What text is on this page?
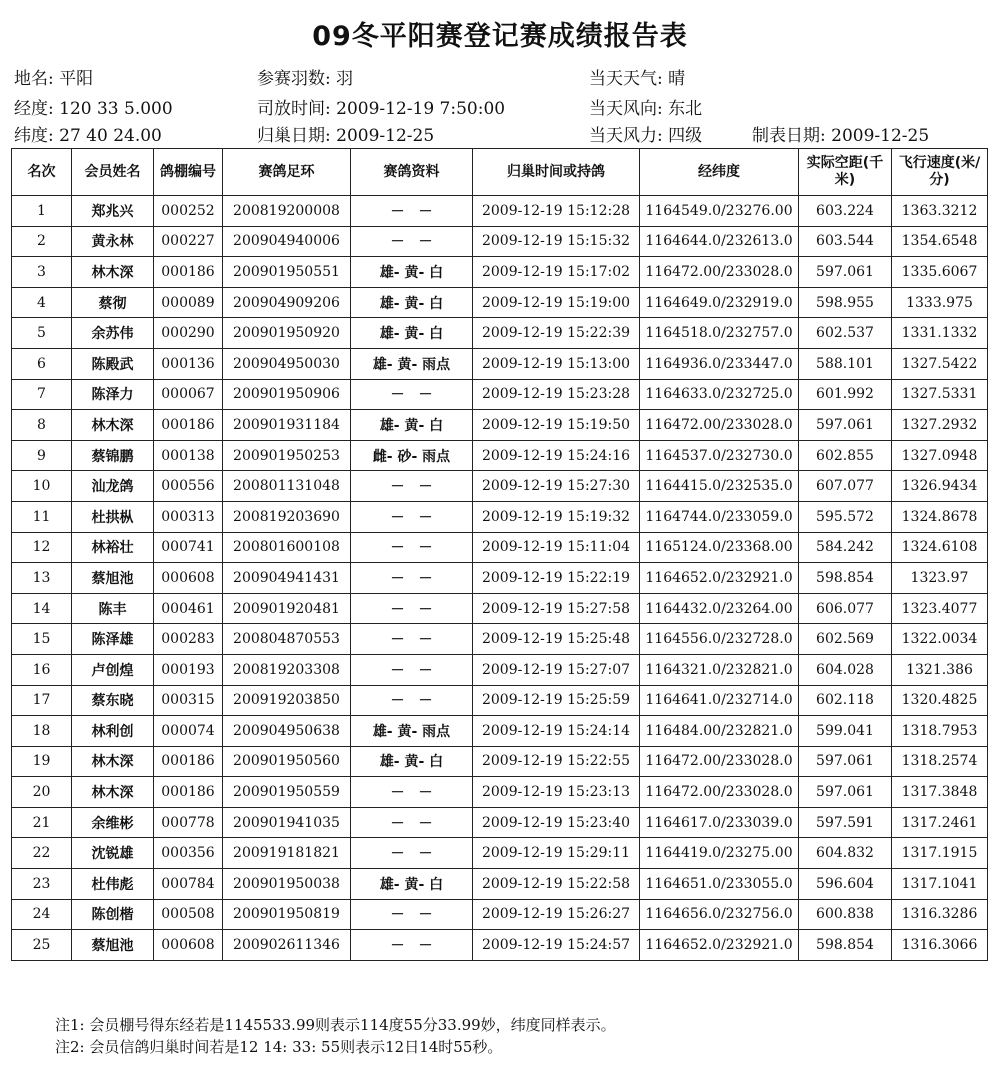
09冬平阳赛登记赛成绩报告表
地名: 平阳
经度: 120 33 5.000
纬度: 27 40 24.00
参赛羽数: 羽
司放时间: 2009-12-19 7:50:00
归巢日期: 2009-12-25
当天天气: 晴
当天风向: 东北
当天风力: 四级	制表日期: 2009-12-25
名次	会员姓名	鸽棚编号	赛鸽足环	赛鸽资料	归巢时间或持鸽	经纬度	实际空距(千米)	飞行速度(米/分)
1	郑兆兴	000252	200819200008	－　－	2009-12-19 15:12:28	1164549.0/23276.00	603.224	1363.3212
2	黄永林	000227	200904940006	－　－	2009-12-19 15:15:32	1164644.0/232613.0	603.544	1354.6548
3	林木深	000186	200901950551	雄- 黄- 白	2009-12-19 15:17:02	116472.00/233028.0	597.061	1335.6067
4	蔡彻	000089	200904909206	雄- 黄- 白	2009-12-19 15:19:00	1164649.0/232919.0	598.955	1333.975
5	余苏伟	000290	200901950920	雄- 黄- 白	2009-12-19 15:22:39	1164518.0/232757.0	602.537	1331.1332
6	陈殿武	000136	200904950030	雄- 黄- 雨点	2009-12-19 15:13:00	1164936.0/233447.0	588.101	1327.5422
7	陈泽力	000067	200901950906	－　－	2009-12-19 15:23:28	1164633.0/232725.0	601.992	1327.5331
8	林木深	000186	200901931184	雄- 黄- 白	2009-12-19 15:19:50	116472.00/233028.0	597.061	1327.2932
9	蔡锦鹏	000138	200901950253	雌- 砂- 雨点	2009-12-19 15:24:16	1164537.0/232730.0	602.855	1327.0948
10	汕龙鸽	000556	200801131048	－　－	2009-12-19 15:27:30	1164415.0/232535.0	607.077	1326.9434
11	杜拱枞	000313	200819203690	－　－	2009-12-19 15:19:32	1164744.0/233059.0	595.572	1324.8678
12	林裕壮	000741	200801600108	－　－	2009-12-19 15:11:04	1165124.0/23368.00	584.242	1324.6108
13	蔡旭池	000608	200904941431	－　－	2009-12-19 15:22:19	1164652.0/232921.0	598.854	1323.97
14	陈丰	000461	200901920481	－　－	2009-12-19 15:27:58	1164432.0/23264.00	606.077	1323.4077
15	陈泽雄	000283	200804870553	－　－	2009-12-19 15:25:48	1164556.0/232728.0	602.569	1322.0034
16	卢创煌	000193	200819203308	－　－	2009-12-19 15:27:07	1164321.0/232821.0	604.028	1321.386
17	蔡东晓	000315	200919203850	－　－	2009-12-19 15:25:59	1164641.0/232714.0	602.118	1320.4825
18	林利创	000074	200904950638	雄- 黄- 雨点	2009-12-19 15:24:14	116484.00/232821.0	599.041	1318.7953
19	林木深	000186	200901950560	雄- 黄- 白	2009-12-19 15:22:55	116472.00/233028.0	597.061	1318.2574
20	林木深	000186	200901950559	－　－	2009-12-19 15:23:13	116472.00/233028.0	597.061	1317.3848
21	余维彬	000778	200901941035	－　－	2009-12-19 15:23:40	1164617.0/233039.0	597.591	1317.2461
22	沈锐雄	000356	200919181821	－　－	2009-12-19 15:29:11	1164419.0/23275.00	604.832	1317.1915
23	杜伟彪	000784	200901950038	雄- 黄- 白	2009-12-19 15:22:58	1164651.0/233055.0	596.604	1317.1041
24	陈创楷	000508	200901950819	－　－	2009-12-19 15:26:27	1164656.0/232756.0	600.838	1316.3286
25	蔡旭池	000608	200902611346	－　－	2009-12-19 15:24:57	1164652.0/232921.0	598.854	1316.3066
注1: 会员棚号得东经若是1145533.99则表示114度55分33.99妙，纬度同样表示。
注2: 会员信鸽归巢时间若是12 14: 33: 55则表示12日14时55秒。
